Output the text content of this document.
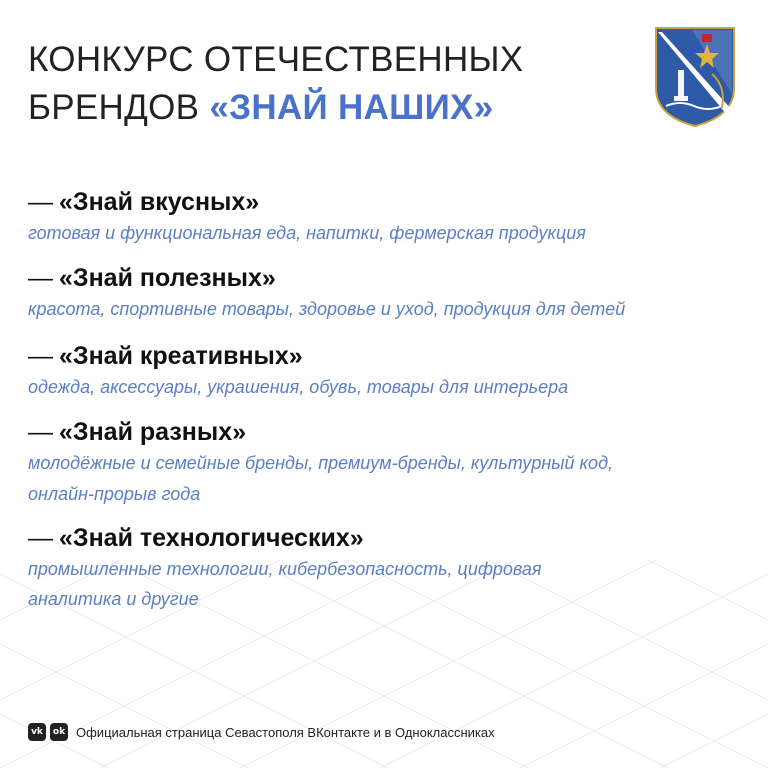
КОНКУРС ОТЕЧЕСТВЕННЫХ
БРЕНДОВ «ЗНАЙ НАШИХ»
— «Знай вкусных»
готовая и функциональная еда, напитки, фермерская продукция
— «Знай полезных»
красота, спортивные товары, здоровье и уход, продукция для детей
— «Знай креативных»
одежда, аксессуары, украшения, обувь, товары для интерьера
— «Знай разных»
молодёжные и семейные бренды, премиум-бренды, культурный код,
онлайн-прорыв года
— «Знай технологических»
промышленные технологии, кибербезопасность, цифровая
аналитика и другие
vk	ok Официальная страница Севастополя ВКонтакте и в Одноклассниках
